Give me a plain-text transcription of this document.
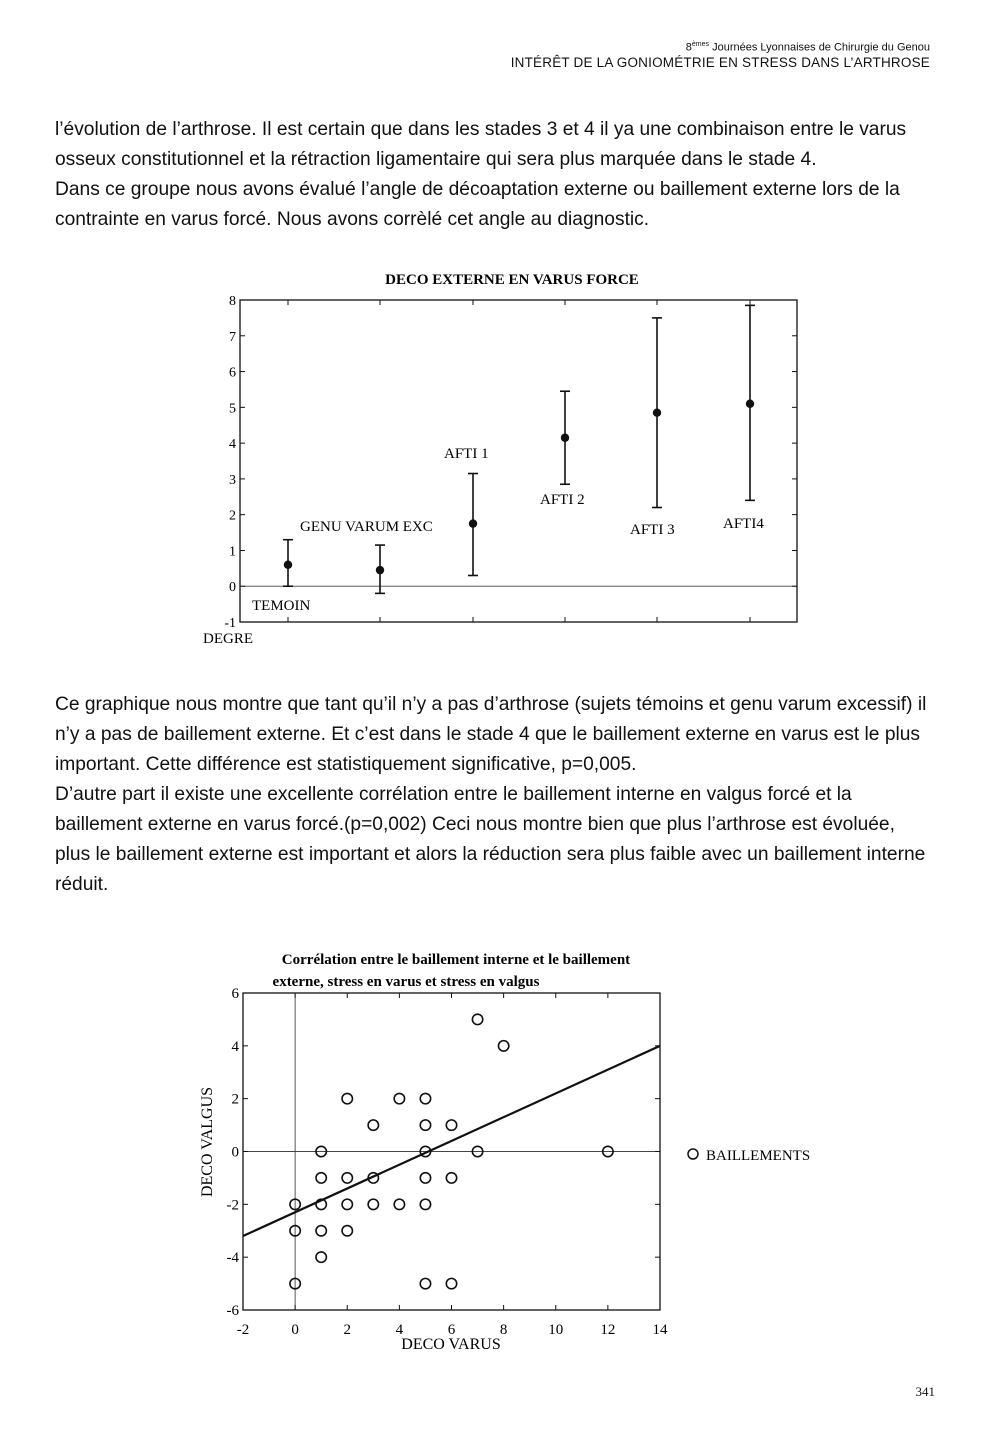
8èmes Journées Lyonnaises de Chirurgie du Genou
INTÉRÊT DE LA GONIOMÉTRIE EN STRESS DANS L’ARTHROSE

l’évolution de l’arthrose. Il est certain que dans les stades 3 et 4 il ya une combinaison entre le varus osseux constitutionnel et la rétraction ligamentaire qui sera plus marquée dans le stade 4.

Dans ce groupe nous avons évalué l’angle de décoaptation externe ou baillement externe lors de la contrainte en varus forcé. Nous avons corrèlé cet angle au diagnostic.

DECO EXTERNE EN VARUS FORCE
-1
0
1
2
3
4
5
6
7
8
DEGRE
TEMOIN
GENU VARUM EXC
AFTI 1
AFTI 2
AFTI 3	AFTI4

Ce graphique nous montre que tant qu’il n’y a pas d’arthrose (sujets témoins et genu varum excessif) il n’y a pas de baillement externe. Et c’est dans le stade 4 que le baillement externe en varus est le plus important. Cette différence est statistiquement significative, p=0,005.

D’autre part il existe une excellente corrélation entre le baillement interne en valgus forcé et la baillement externe en varus forcé.(p=0,002) Ceci nous montre bien que plus l’arthrose est évoluée, plus le baillement externe est important et alors la réduction sera plus faible avec un baillement interne réduit.

Corrélation entre le baillement interne et le baillement
externe, stress en varus et stress en valgus
-2	0	2	4	6	8	10 12 14
-6
-4
-2
0
2
4
6
DECO VARUS
DECO VALGUS	BAILLEMENTS
341
